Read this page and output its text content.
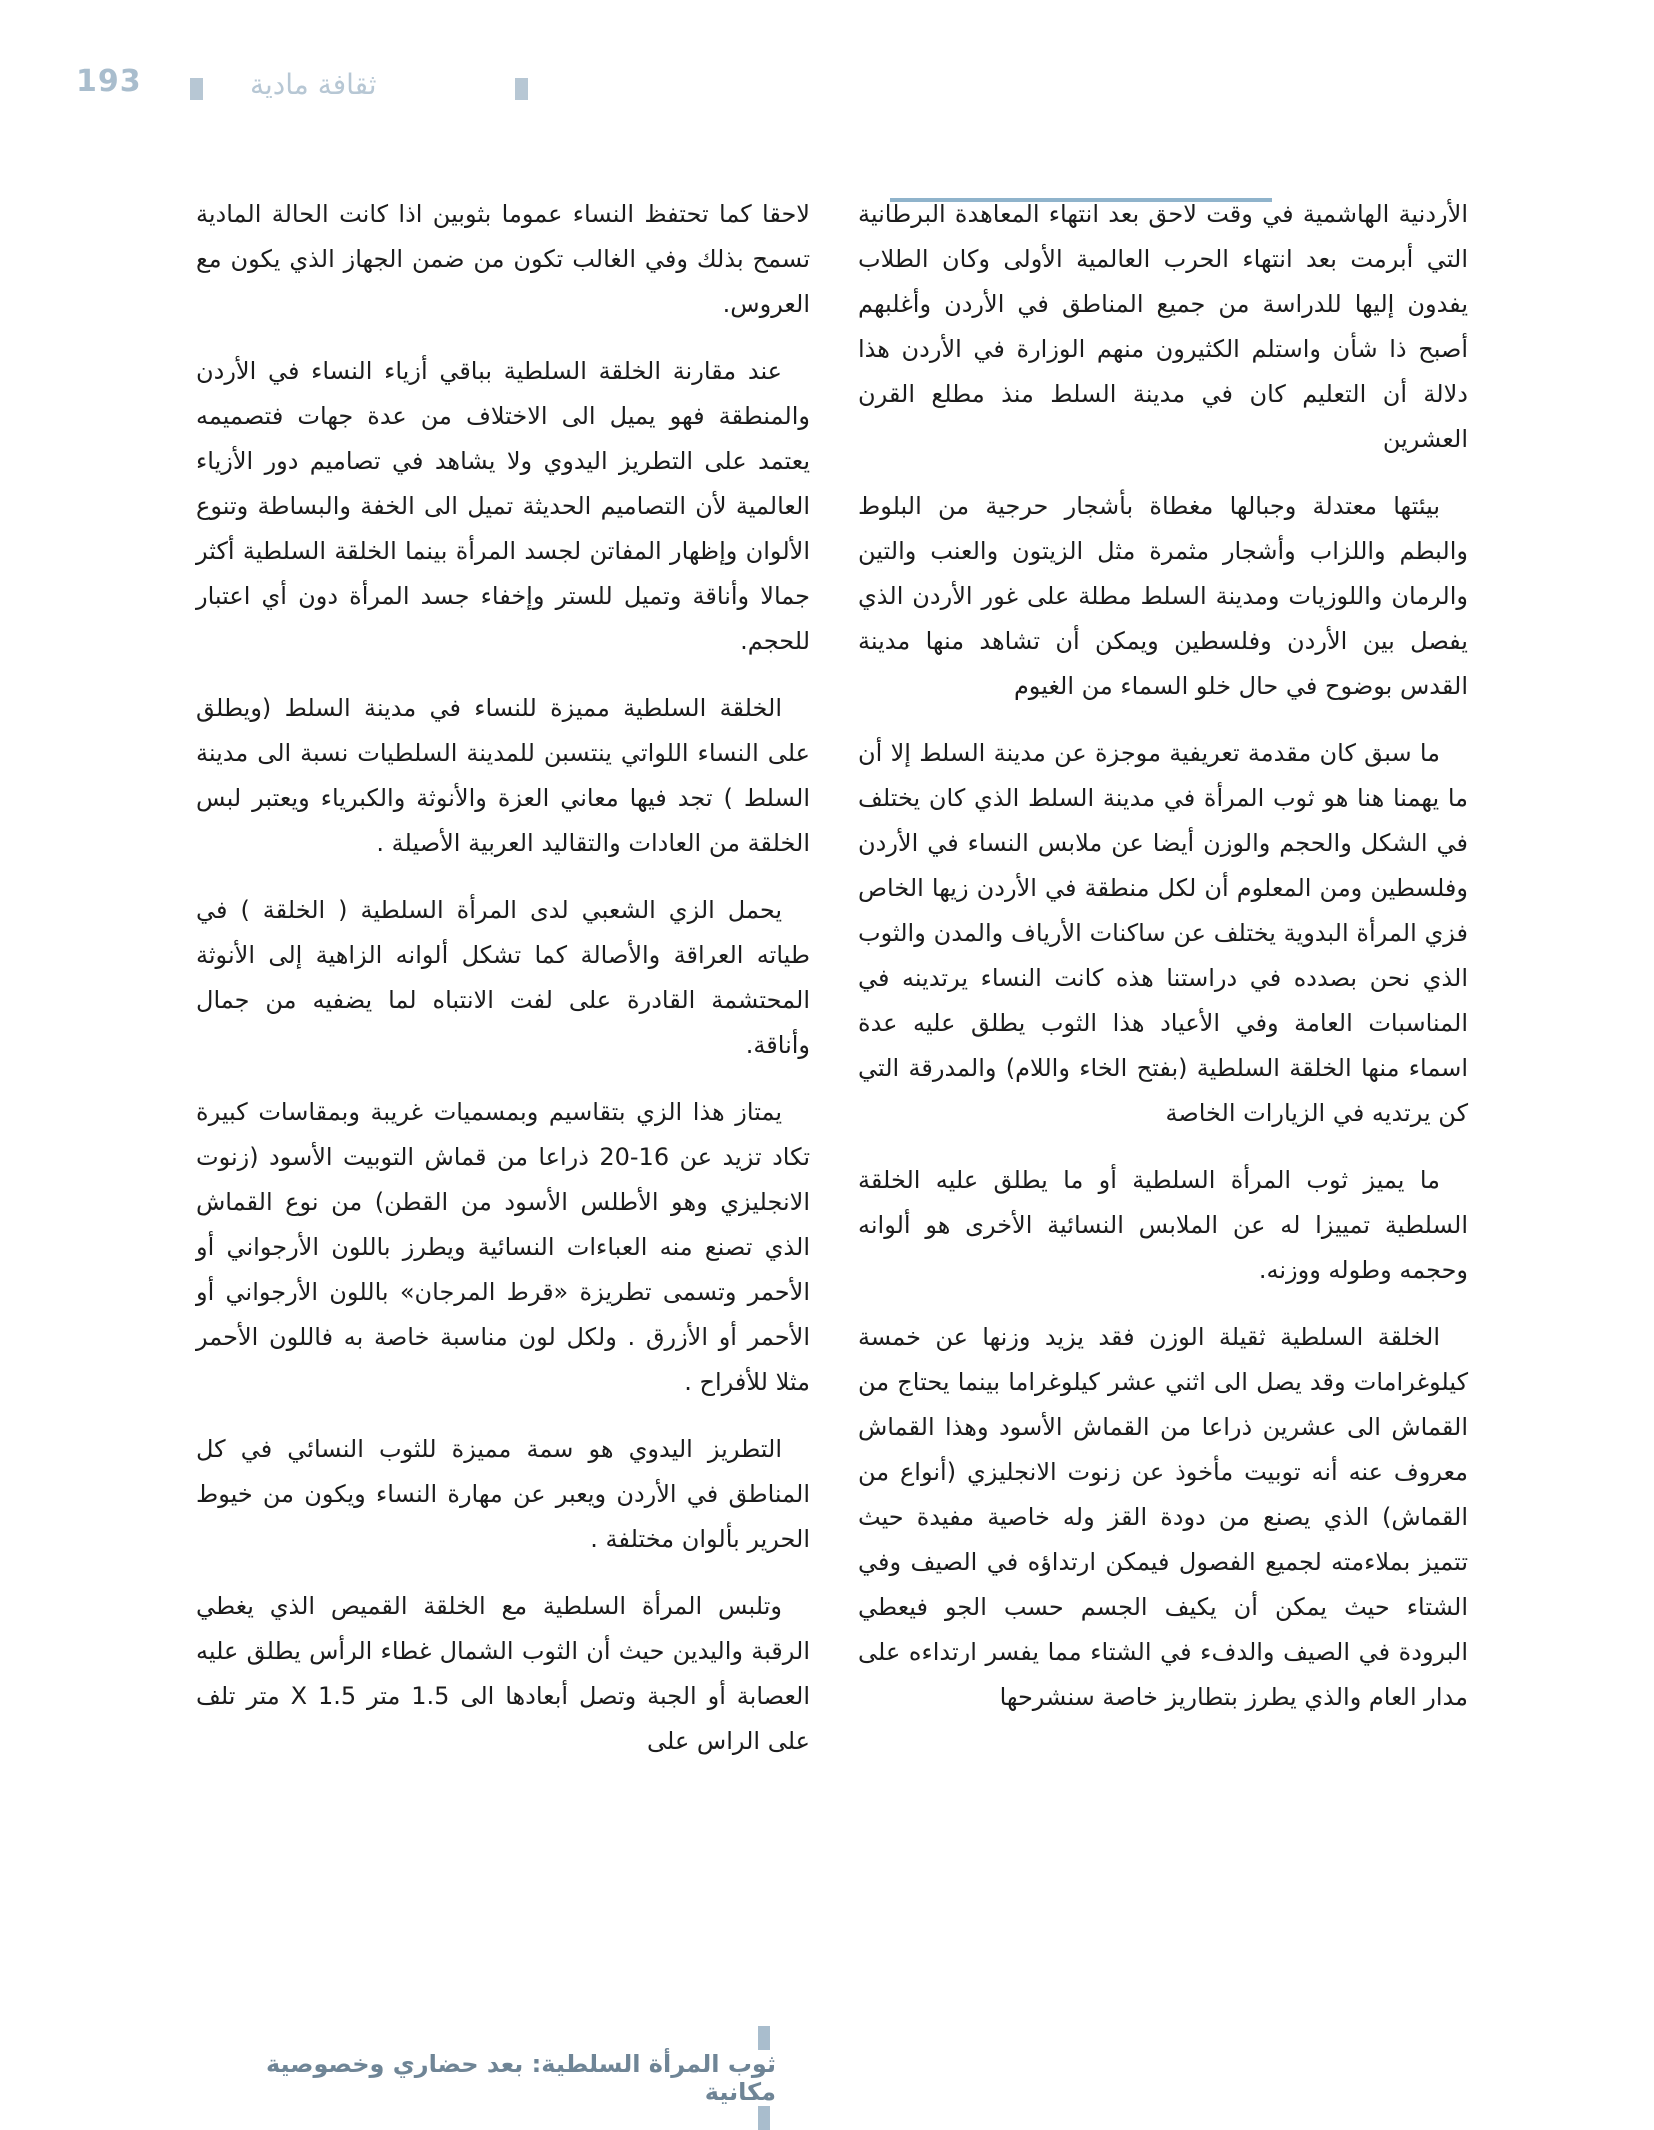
193	ثقافة مادية

الأردنية الهاشمية في وقت لاحق بعد انتهاء المعاهدة البرطانية التي أبرمت بعد انتهاء الحرب العالمية الأولى وكان الطلاب يفدون إليها للدراسة من جميع المناطق في الأردن وأغلبهم أصبح ذا شأن واستلم الكثيرون منهم الوزارة في الأردن هذا دلالة أن التعليم كان في مدينة السلط منذ مطلع القرن العشرين

بيئتها معتدلة وجبالها مغطاة بأشجار حرجية من البلوط والبطم واللزاب وأشجار مثمرة مثل الزيتون والعنب والتين والرمان واللوزيات ومدينة السلط مطلة على غور الأردن الذي يفصل بين الأردن وفلسطين ويمكن أن تشاهد منها مدينة القدس بوضوح في حال خلو السماء من الغيوم

ما سبق كان مقدمة تعريفية موجزة عن مدينة السلط إلا أن ما يهمنا هنا هو ثوب المرأة في مدينة السلط الذي كان يختلف في الشكل والحجم والوزن أيضا عن ملابس النساء في الأردن وفلسطين ومن المعلوم أن لكل منطقة في الأردن زيها الخاص فزي المرأة البدوية يختلف عن ساكنات الأرياف والمدن والثوب الذي نحن بصدده في دراستنا هذه كانت النساء يرتدينه في المناسبات العامة وفي الأعياد هذا الثوب يطلق عليه عدة اسماء منها الخلقة السلطية (بفتح الخاء واللام) والمدرقة التي كن يرتديه في الزيارات الخاصة

ما يميز ثوب المرأة السلطية أو ما يطلق عليه الخلقة السلطية تمييزا له عن الملابس النسائية الأخرى هو ألوانه وحجمه وطوله ووزنه.

الخلقة السلطية ثقيلة الوزن فقد يزيد وزنها عن خمسة كيلوغرامات وقد يصل الى اثني عشر كيلوغراما بينما يحتاج من القماش الى عشرين ذراعا من القماش الأسود وهذا القماش معروف عنه أنه توبيت مأخوذ عن زنوت الانجليزي (أنواع من القماش) الذي يصنع من دودة القز وله خاصية مفيدة حيث تتميز بملاءمته لجميع الفصول فيمكن ارتداؤه في الصيف وفي الشتاء حيث يمكن أن يكيف الجسم حسب الجو فيعطي البرودة في الصيف والدفء في الشتاء مما يفسر ارتداءه على مدار العام والذي يطرز بتطاريز خاصة سنشرحها

لاحقا كما تحتفظ النساء عموما بثوبين اذا كانت الحالة المادية تسمح بذلك وفي الغالب تكون من ضمن الجهاز الذي يكون مع العروس.

عند مقارنة الخلقة السلطية بباقي أزياء النساء في الأردن والمنطقة فهو يميل الى الاختلاف من عدة جهات فتصميمه يعتمد على التطريز اليدوي ولا يشاهد في تصاميم دور الأزياء العالمية لأن التصاميم الحديثة تميل الى الخفة والبساطة وتنوع الألوان وإظهار المفاتن لجسد المرأة بينما الخلقة السلطية أكثر جمالا وأناقة وتميل للستر وإخفاء جسد المرأة دون أي اعتبار للحجم.

الخلقة السلطية مميزة للنساء في مدينة السلط (ويطلق على النساء اللواتي ينتسبن للمدينة السلطيات نسبة الى مدينة السلط ) تجد فيها معاني العزة والأنوثة والكبرياء ويعتبر لبس الخلقة من العادات والتقاليد العربية الأصيلة .

يحمل الزي الشعبي لدى المرأة السلطية ( الخلقة ) في طياته العراقة والأصالة كما تشكل ألوانه الزاهية إلى الأنوثة المحتشمة القادرة على لفت الانتباه لما يضفيه من جمال وأناقة.

يمتاز هذا الزي بتقاسيم وبمسميات غريبة وبمقاسات كبيرة تكاد تزيد عن 16-20 ذراعا من قماش التوبيت الأسود (زنوت الانجليزي وهو الأطلس الأسود من القطن) من نوع القماش الذي تصنع منه العباءات النسائية ويطرز باللون الأرجواني أو الأحمر وتسمى تطريزة «قرط المرجان» باللون الأرجواني أو الأحمر أو الأزرق . ولكل لون مناسبة خاصة به فاللون الأحمر مثلا للأفراح .

التطريز اليدوي هو سمة مميزة للثوب النسائي في كل المناطق في الأردن ويعبر عن مهارة النساء ويكون من خيوط الحرير بألوان مختلفة .

وتلبس المرأة السلطية مع الخلقة القميص الذي يغطي الرقبة واليدين حيث أن الثوب الشمال غطاء الرأس يطلق عليه العصابة أو الجبة وتصل أبعادها الى 1.5 متر X 1.5 متر تلف على الراس على

ثوب المرأة السلطية: بعد حضاري وخصوصية مكانية
